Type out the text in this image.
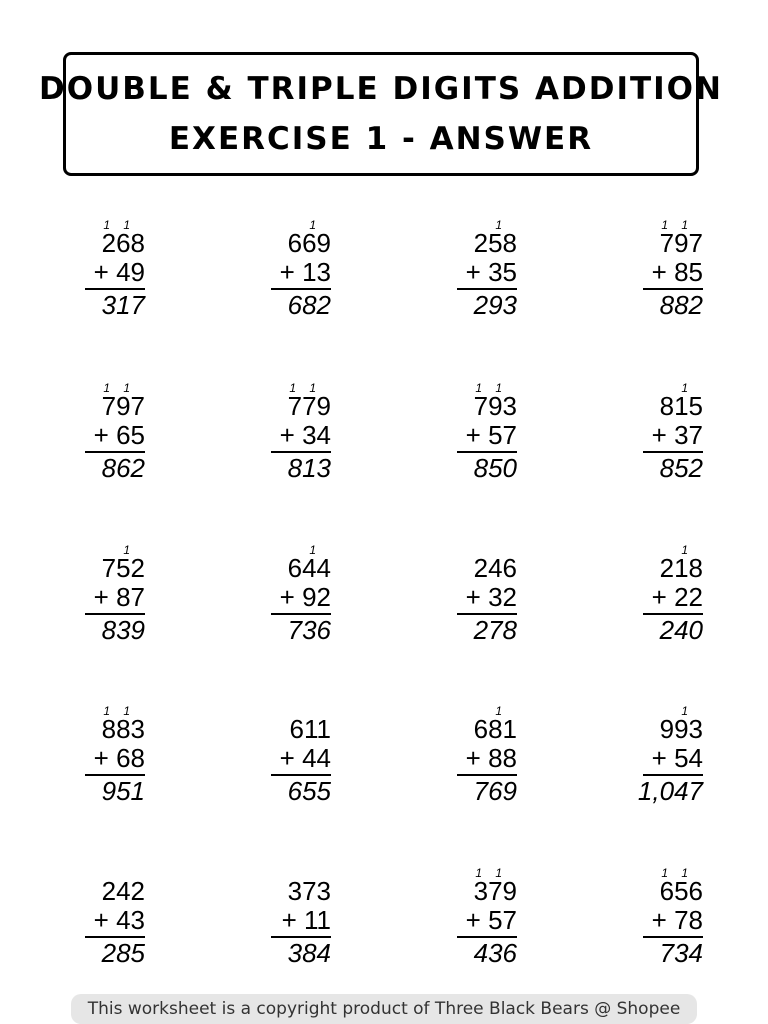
DOUBLE & TRIPLE DIGITS ADDITION
EXERCISE 1 - ANSWER
1 1
268
+ 49
317
1
669
+ 13
682
1
258
+ 35
293
1 1
797
+ 85
882
1 1
797
+ 65
862
1 1
779
+ 34
813
1 1
793
+ 57
850
1
815
+ 37
852
1
752
+ 87
839
1
644
+ 92
736
246
+ 32
278
1
218
+ 22
240
1 1
883
+ 68
951
611
+ 44
655
1
681
+ 88
769
1
993
+ 54
1,047
242
+ 43
285
373
+ 11
384
1 1
379
+ 57
436
1 1
656
+ 78
734
This worksheet is a copyright product of Three Black Bears @ Shopee
